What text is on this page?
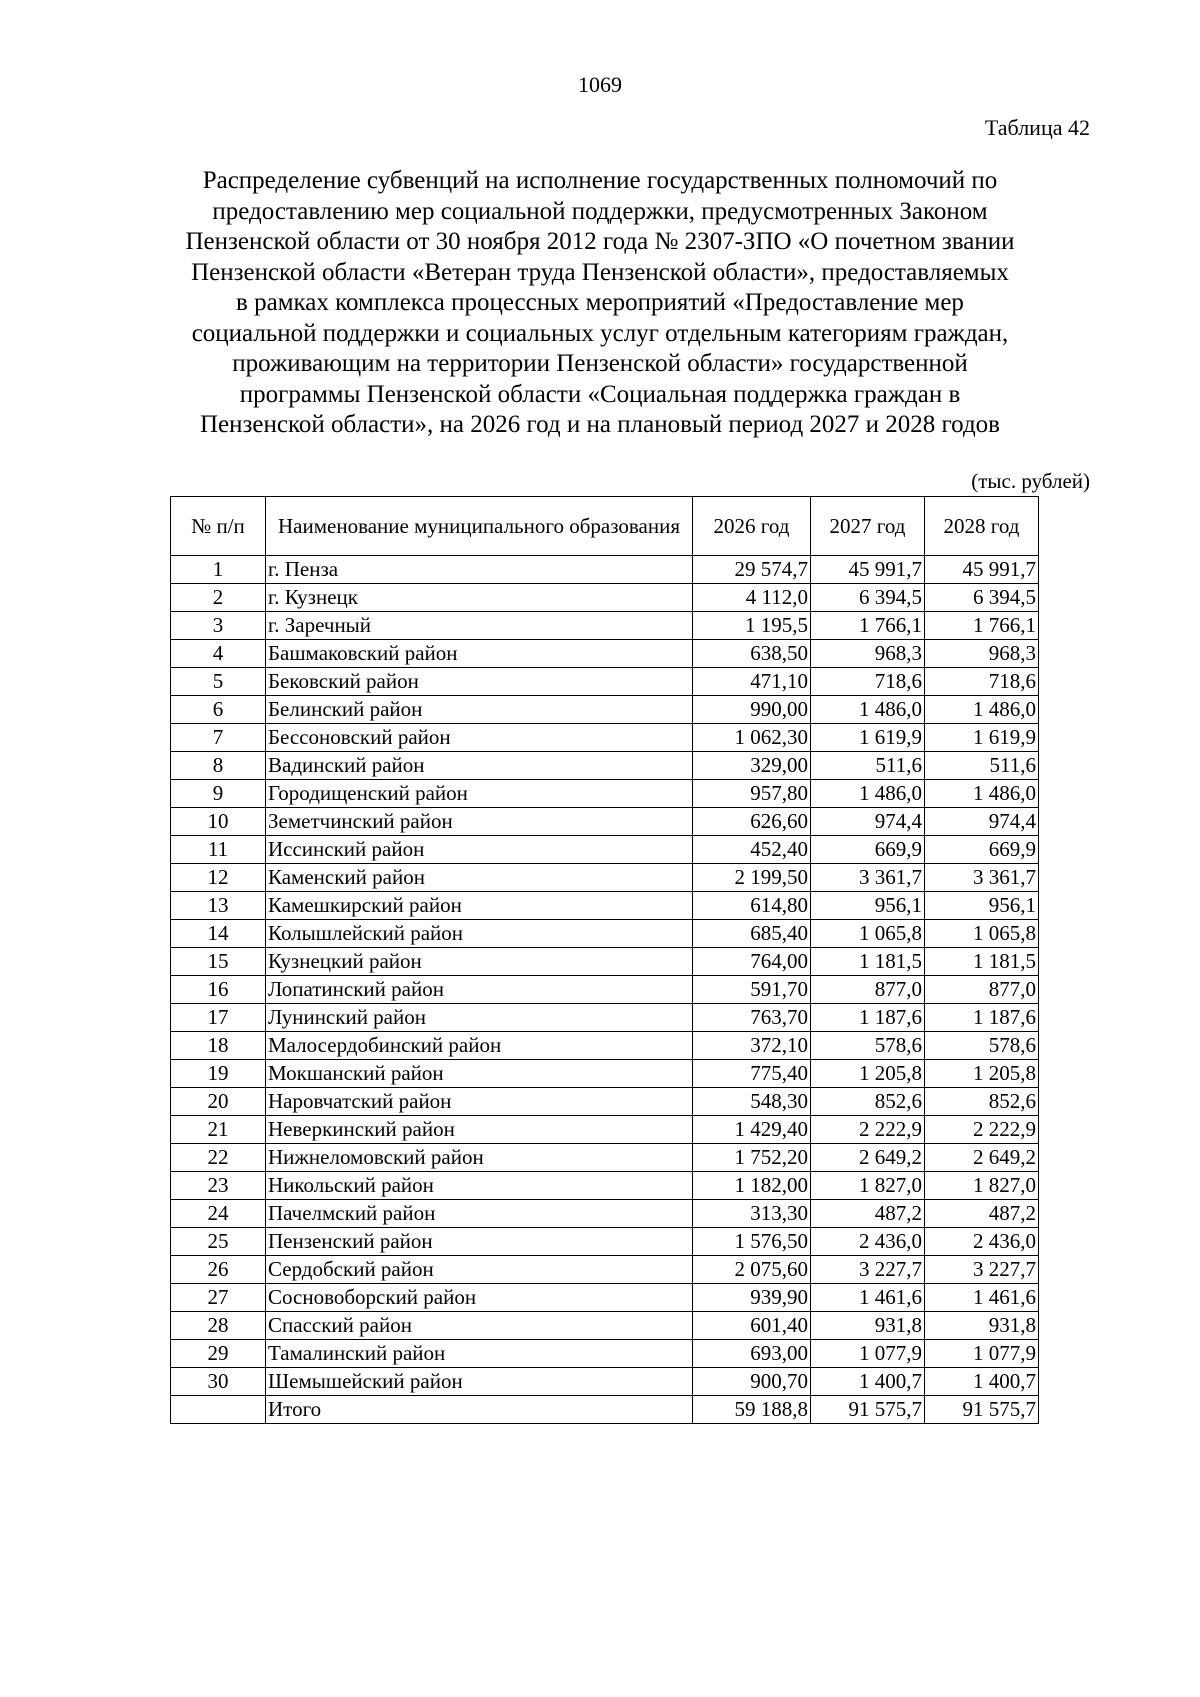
1069
Таблица 42
Распределение субвенций на исполнение государственных полномочий по
предоставлению мер социальной поддержки, предусмотренных Законом
Пензенской области от 30 ноября 2012 года № 2307-ЗПО «О почетном звании
Пензенской области «Ветеран труда Пензенской области», предоставляемых
в рамках комплекса процессных мероприятий «Предоставление мер
социальной поддержки и социальных услуг отдельным категориям граждан,
проживающим на территории Пензенской области» государственной
программы Пензенской области «Социальная поддержка граждан в
Пензенской области», на 2026 год и на плановый период 2027 и 2028 годов
(тыс. рублей)
№ п/п	Наименование муниципального образования	2026 год	2027 год	2028 год
1	г. Пенза	29 574,7	45 991,7	45 991,7
2	г. Кузнецк	4 112,0	6 394,5	6 394,5
3	г. Заречный	1 195,5	1 766,1	1 766,1
4	Башмаковский район	638,50	968,3	968,3
5	Бековский район	471,10	718,6	718,6
6	Белинский район	990,00	1 486,0	1 486,0
7	Бессоновский район	1 062,30	1 619,9	1 619,9
8	Вадинский район	329,00	511,6	511,6
9	Городищенский район	957,80	1 486,0	1 486,0
10	Земетчинский район	626,60	974,4	974,4
11	Иссинский район	452,40	669,9	669,9
12	Каменский район	2 199,50	3 361,7	3 361,7
13	Камешкирский район	614,80	956,1	956,1
14	Колышлейский район	685,40	1 065,8	1 065,8
15	Кузнецкий район	764,00	1 181,5	1 181,5
16	Лопатинский район	591,70	877,0	877,0
17	Лунинский район	763,70	1 187,6	1 187,6
18	Малосердобинский район	372,10	578,6	578,6
19	Мокшанский район	775,40	1 205,8	1 205,8
20	Наровчатский район	548,30	852,6	852,6
21	Неверкинский район	1 429,40	2 222,9	2 222,9
22	Нижнеломовский район	1 752,20	2 649,2	2 649,2
23	Никольский район	1 182,00	1 827,0	1 827,0
24	Пачелмский район	313,30	487,2	487,2
25	Пензенский район	1 576,50	2 436,0	2 436,0
26	Сердобский район	2 075,60	3 227,7	3 227,7
27	Сосновоборский район	939,90	1 461,6	1 461,6
28	Спасский район	601,40	931,8	931,8
29	Тамалинский район	693,00	1 077,9	1 077,9
30	Шемышейский район	900,70	1 400,7	1 400,7
	Итого	59 188,8	91 575,7	91 575,7
